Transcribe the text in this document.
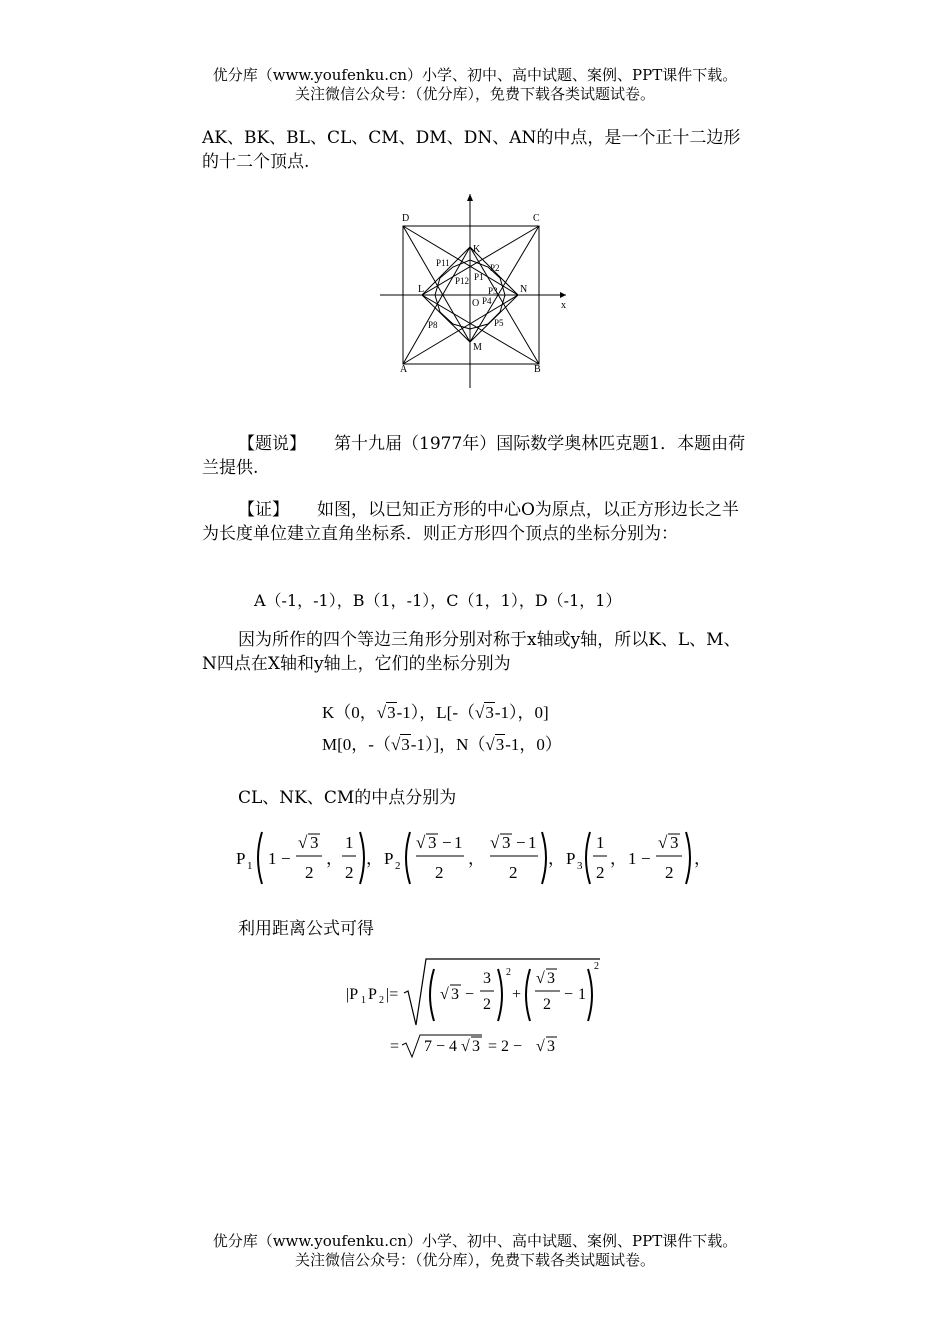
优分库（www.youfenku.cn）小学、初中、高中试题、案例、PPT课件下载。
关注微信公众号：（优分库），免费下载各类试题试卷。
AK、BK、BL、CL、CM、DM、DN、AN的中点，是一个正十二边形的十二个顶点.
D	C
A	B
K
L
M
N
O	x
P1
P2
P3
P4
P5
P8
P11
P12
【题说】 第十九届（1977年）国际数学奥林匹克题1．本题由荷兰提供.
【证】 如图，以已知正方形的中心O为原点，以正方形边长之半为长度单位建立直角坐标系．则正方形四个顶点的坐标分别为：
A（-1，-1），B（1，-1），C（1，1），D（-1，1）
因为所作的四个等边三角形分别对称于x轴或y轴，所以K、L、M、N四点在X轴和y轴上，它们的坐标分别为
K（0，√3-1），L[-（√3-1），0]
M[0，-（√3-1）]，N（√3-1，0）
CL、NK、CM的中点分别为
P 1 1 −
√ 3
2
，
1
2
， P 2
√ 3 − 1
2
，
√ 3 − 1
2
， P 3
1
2
， 1 −
√ 3
2
，
利用距离公式可得
|P 1 P 2 |=	√ 3 −
3
2
2
+
√ 3
2
− 1
2
= 7 − 4 √ 3 = 2 − √ 3
优分库（www.youfenku.cn）小学、初中、高中试题、案例、PPT课件下载。
关注微信公众号：（优分库），免费下载各类试题试卷。
